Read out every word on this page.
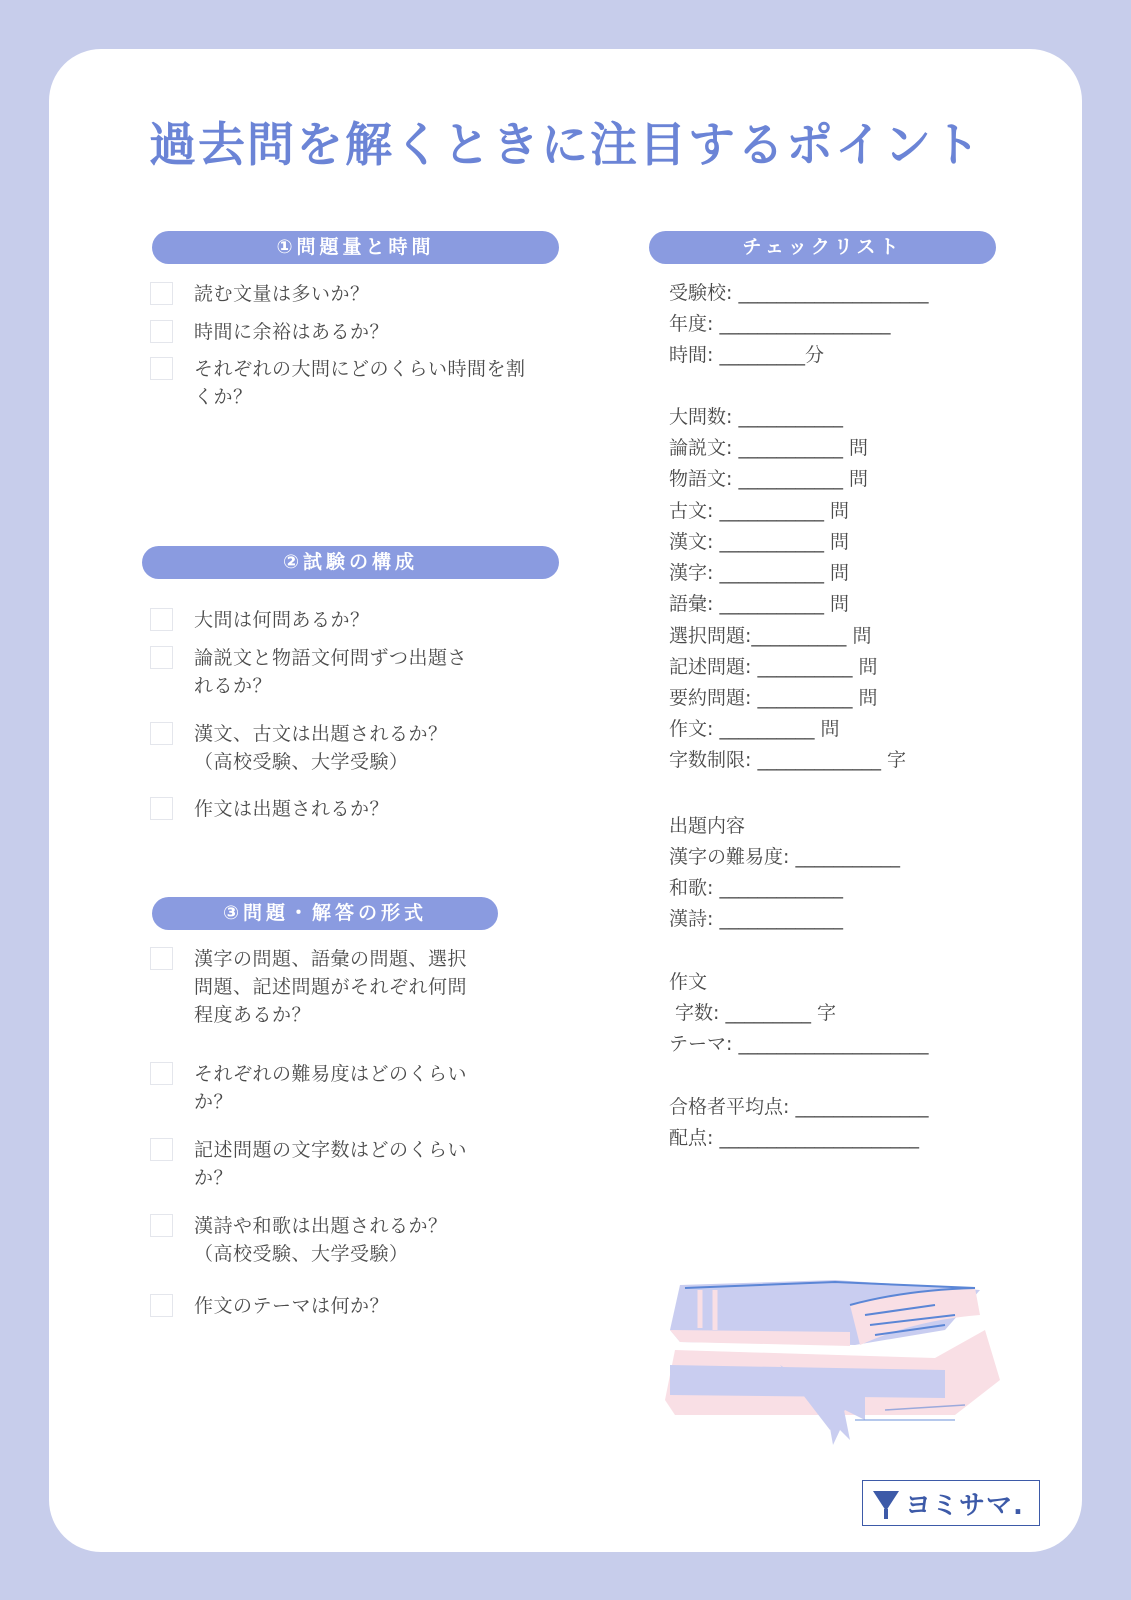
過去問を解くときに注目するポイント
①問題量と時間
読む文量は多いか？
時間に余裕はあるか？
それぞれの大問にどのくらい時間を割
くか？
②試験の構成
大問は何問あるか？
論説文と物語文何問ずつ出題さ
れるか？
漢文、古文は出題されるか？
（高校受験、大学受験）
作文は出題されるか？
③問題・解答の形式
漢字の問題、語彙の問題、選択
問題、記述問題がそれぞれ何問
程度あるか？
それぞれの難易度はどのくらい
か？
記述問題の文字数はどのくらい
か？
漢詩や和歌は出題されるか？
（高校受験、大学受験）
作文のテーマは何か？
チェックリスト
受験校: ____________________
年度: __________________
時間: _________分
大問数: ___________
論説文: ___________ 問
物語文: ___________ 問
古文: ___________ 問
漢文: ___________ 問
漢字: ___________ 問
語彙: ___________ 問
選択問題:__________ 問
記述問題: __________ 問
要約問題: __________ 問
作文: __________ 問
字数制限: _____________ 字
出題内容
漢字の難易度: ___________
和歌: _____________
漢詩: _____________
作文
字数: _________ 字
テーマ: ____________________
合格者平均点: ______________
配点: _____________________
ヨミサマ.
